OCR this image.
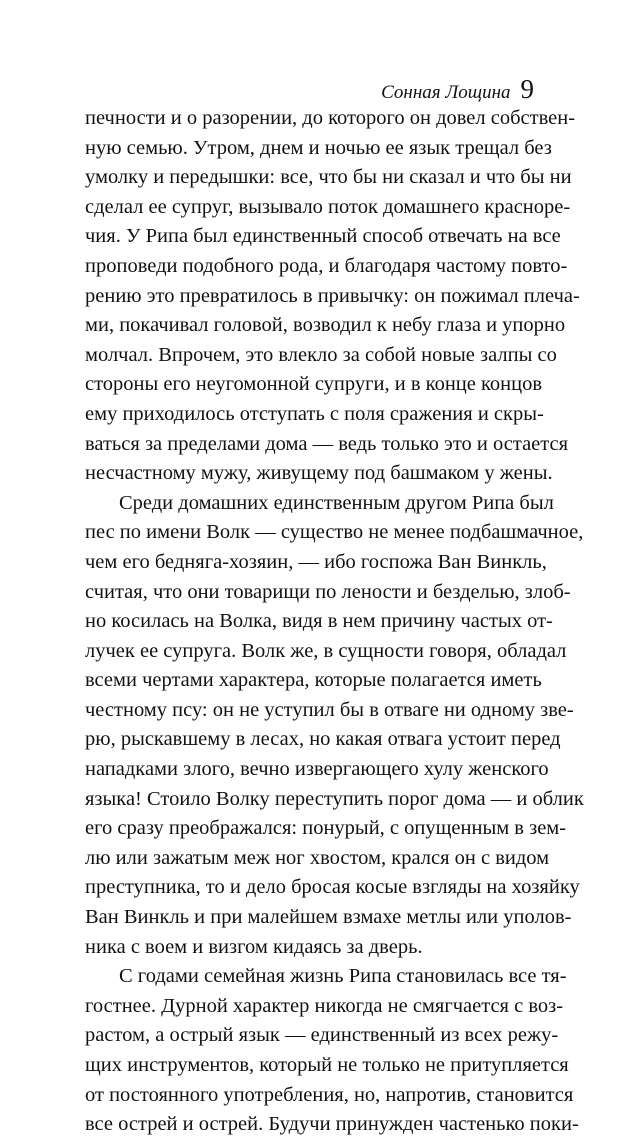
Сонная Лощина 9
печности и о разорении, до которого он довел собствен-
ную семью. Утром, днем и ночью ее язык трещал без
умолку и передышки: все, что бы ни сказал и что бы ни
сделал ее супруг, вызывало поток домашнего красноре-
чия. У Рипа был единственный способ отвечать на все
проповеди подобного рода, и благодаря частому повто-
рению это превратилось в привычку: он пожимал плеча-
ми, покачивал головой, возводил к небу глаза и упорно
молчал. Впрочем, это влекло за собой новые залпы со
стороны его неугомонной супруги, и в конце концов
ему приходилось отступать с поля сражения и скры-
ваться за пределами дома — ведь только это и остается
несчастному мужу, живущему под башмаком у жены.
Среди домашних единственным другом Рипа был
пес по имени Волк — существо не менее подбашмачное,
чем его бедняга-хозяин, — ибо госпожа Ван Винкль,
считая, что они товарищи по лености и безделью, злоб-
но косилась на Волка, видя в нем причину частых от-
лучек ее супруга. Волк же, в сущности говоря, обладал
всеми чертами характера, которые полагается иметь
честному псу: он не уступил бы в отваге ни одному зве-
рю, рыскавшему в лесах, но какая отвага устоит перед
нападками злого, вечно извергающего хулу женского
языка! Стоило Волку переступить порог дома — и облик
его сразу преображался: понурый, с опущенным в зем-
лю или зажатым меж ног хвостом, крался он с видом
преступника, то и дело бросая косые взгляды на хозяйку
Ван Винкль и при малейшем взмахе метлы или уполов-
ника с воем и визгом кидаясь за дверь.
С годами семейная жизнь Рипа становилась все тя-
гостнее. Дурной характер никогда не смягчается с воз-
растом, а острый язык — единственный из всех режу-
щих инструментов, который не только не притупляется
от постоянного употребления, но, напротив, становится
все острей и острей. Будучи принужден частенько поки-
